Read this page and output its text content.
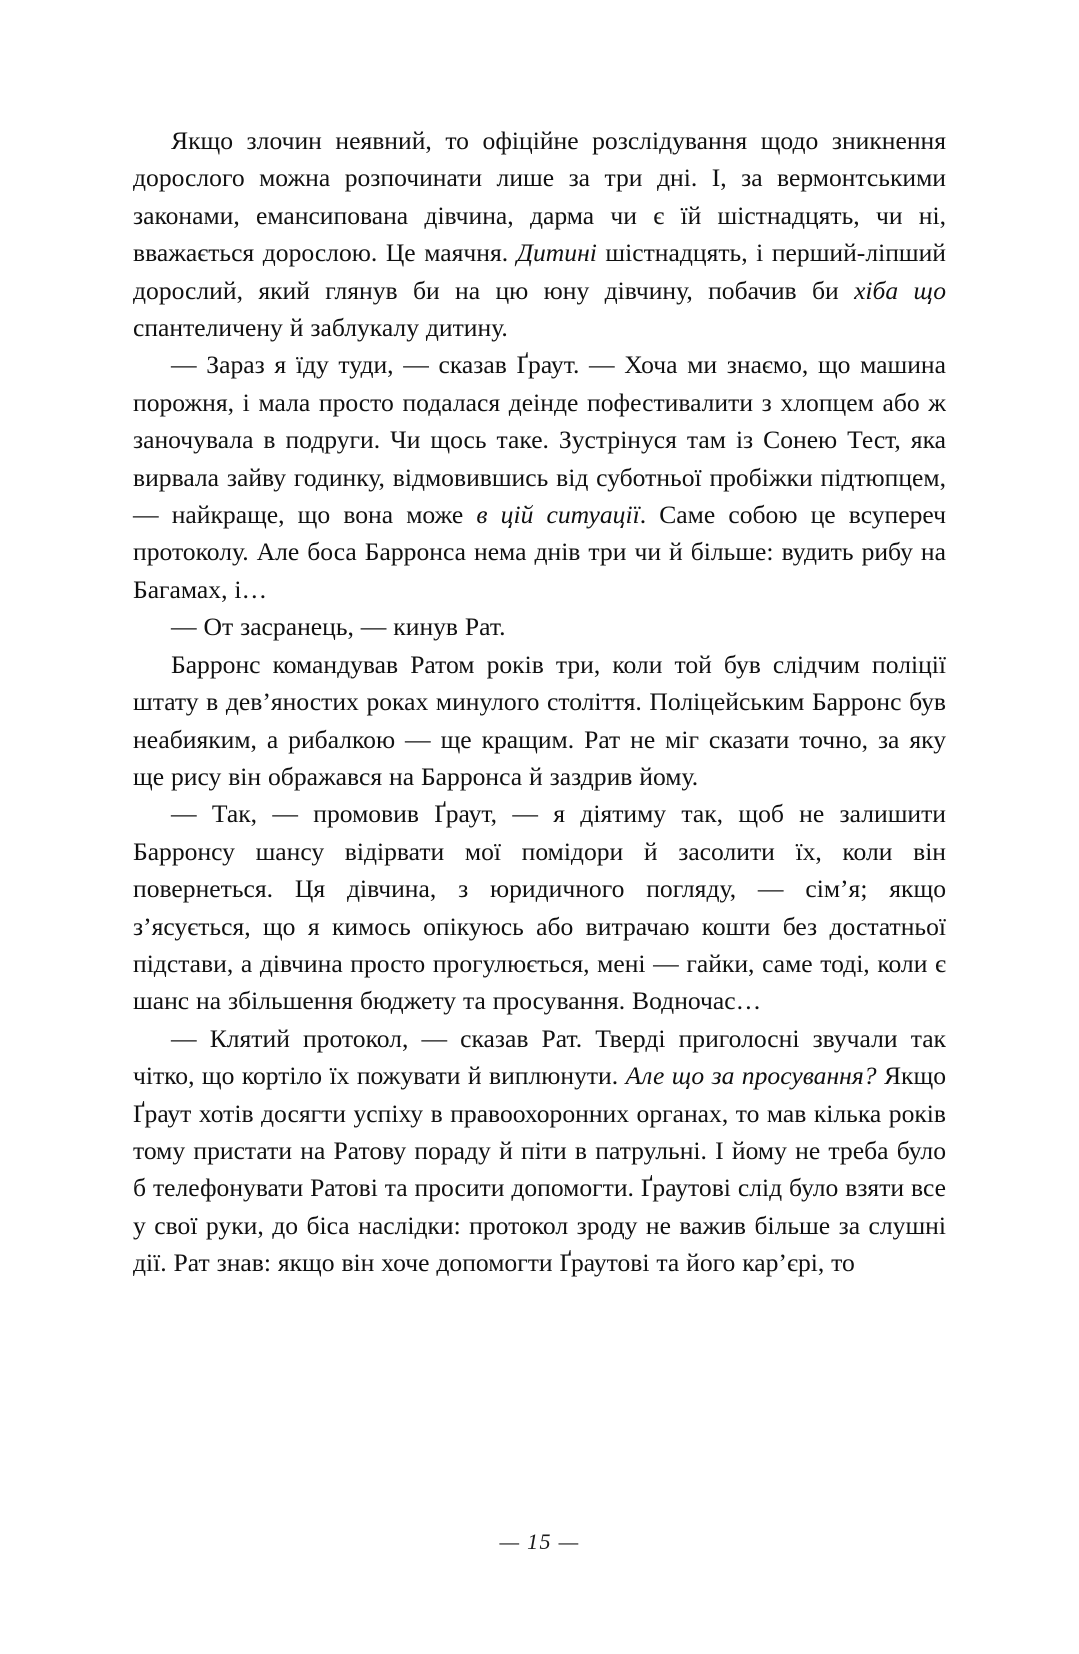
Якщо злочин неявний, то офіційне розслідування щодо зникнення дорослого можна розпочинати лише за три дні. І, за вермонтськими законами, емансипована дівчина, дарма чи є їй шістнадцять, чи ні, вважається дорослою. Це маячня. Дитині шістнадцять, і перший-ліпший дорослий, який глянув би на цю юну дівчину, побачив би хіба що спантеличену й заблукалу дитину.

— Зараз я їду туди, — сказав Ґраут. — Хоча ми знаємо, що машина порожня, і мала просто подалася деінде пофестивалити з хлопцем або ж заночувала в подруги. Чи щось таке. Зустрінуся там із Сонею Тест, яка вирвала зайву годинку, відмовившись від суботньої пробіжки підтюпцем, — найкраще, що вона може в цій ситуації. Саме собою це всупереч протоколу. Але боса Барронса нема днів три чи й більше: вудить рибу на Багамах, і…

— От засранець, — кинув Рат.

Барронс командував Ратом років три, коли той був слідчим поліції штату в дев’яностих роках минулого століття. Поліцейським Барронс був неабияким, а рибалкою — ще кращим. Рат не міг сказати точно, за яку ще рису він ображався на Барронса й заздрив йому.

— Так, — промовив Ґраут, — я діятиму так, щоб не залишити Барронсу шансу відірвати мої помідори й засолити їх, коли він повернеться. Ця дівчина, з юридичного погляду, — сім’я; якщо з’ясується, що я кимось опікуюсь або витрачаю кошти без достатньої підстави, а дівчина просто прогулюється, мені — гайки, саме тоді, коли є шанс на збільшення бюджету та просування. Водночас…

— Клятий протокол, — сказав Рат. Тверді приголосні звучали так чітко, що кортіло їх пожувати й виплюнути. Але що за просування? Якщо Ґраут хотів досягти успіху в правоохоронних органах, то мав кілька років тому пристати на Ратову пораду й піти в патрульні. І йому не треба було б телефонувати Ратові та просити допомогти. Ґраутові слід було взяти все у свої руки, до біса наслідки: протокол зроду не важив більше за слушні дії. Рат знав: якщо він хоче допомогти Ґраутові та його кар’єрі, то

— 15 —
